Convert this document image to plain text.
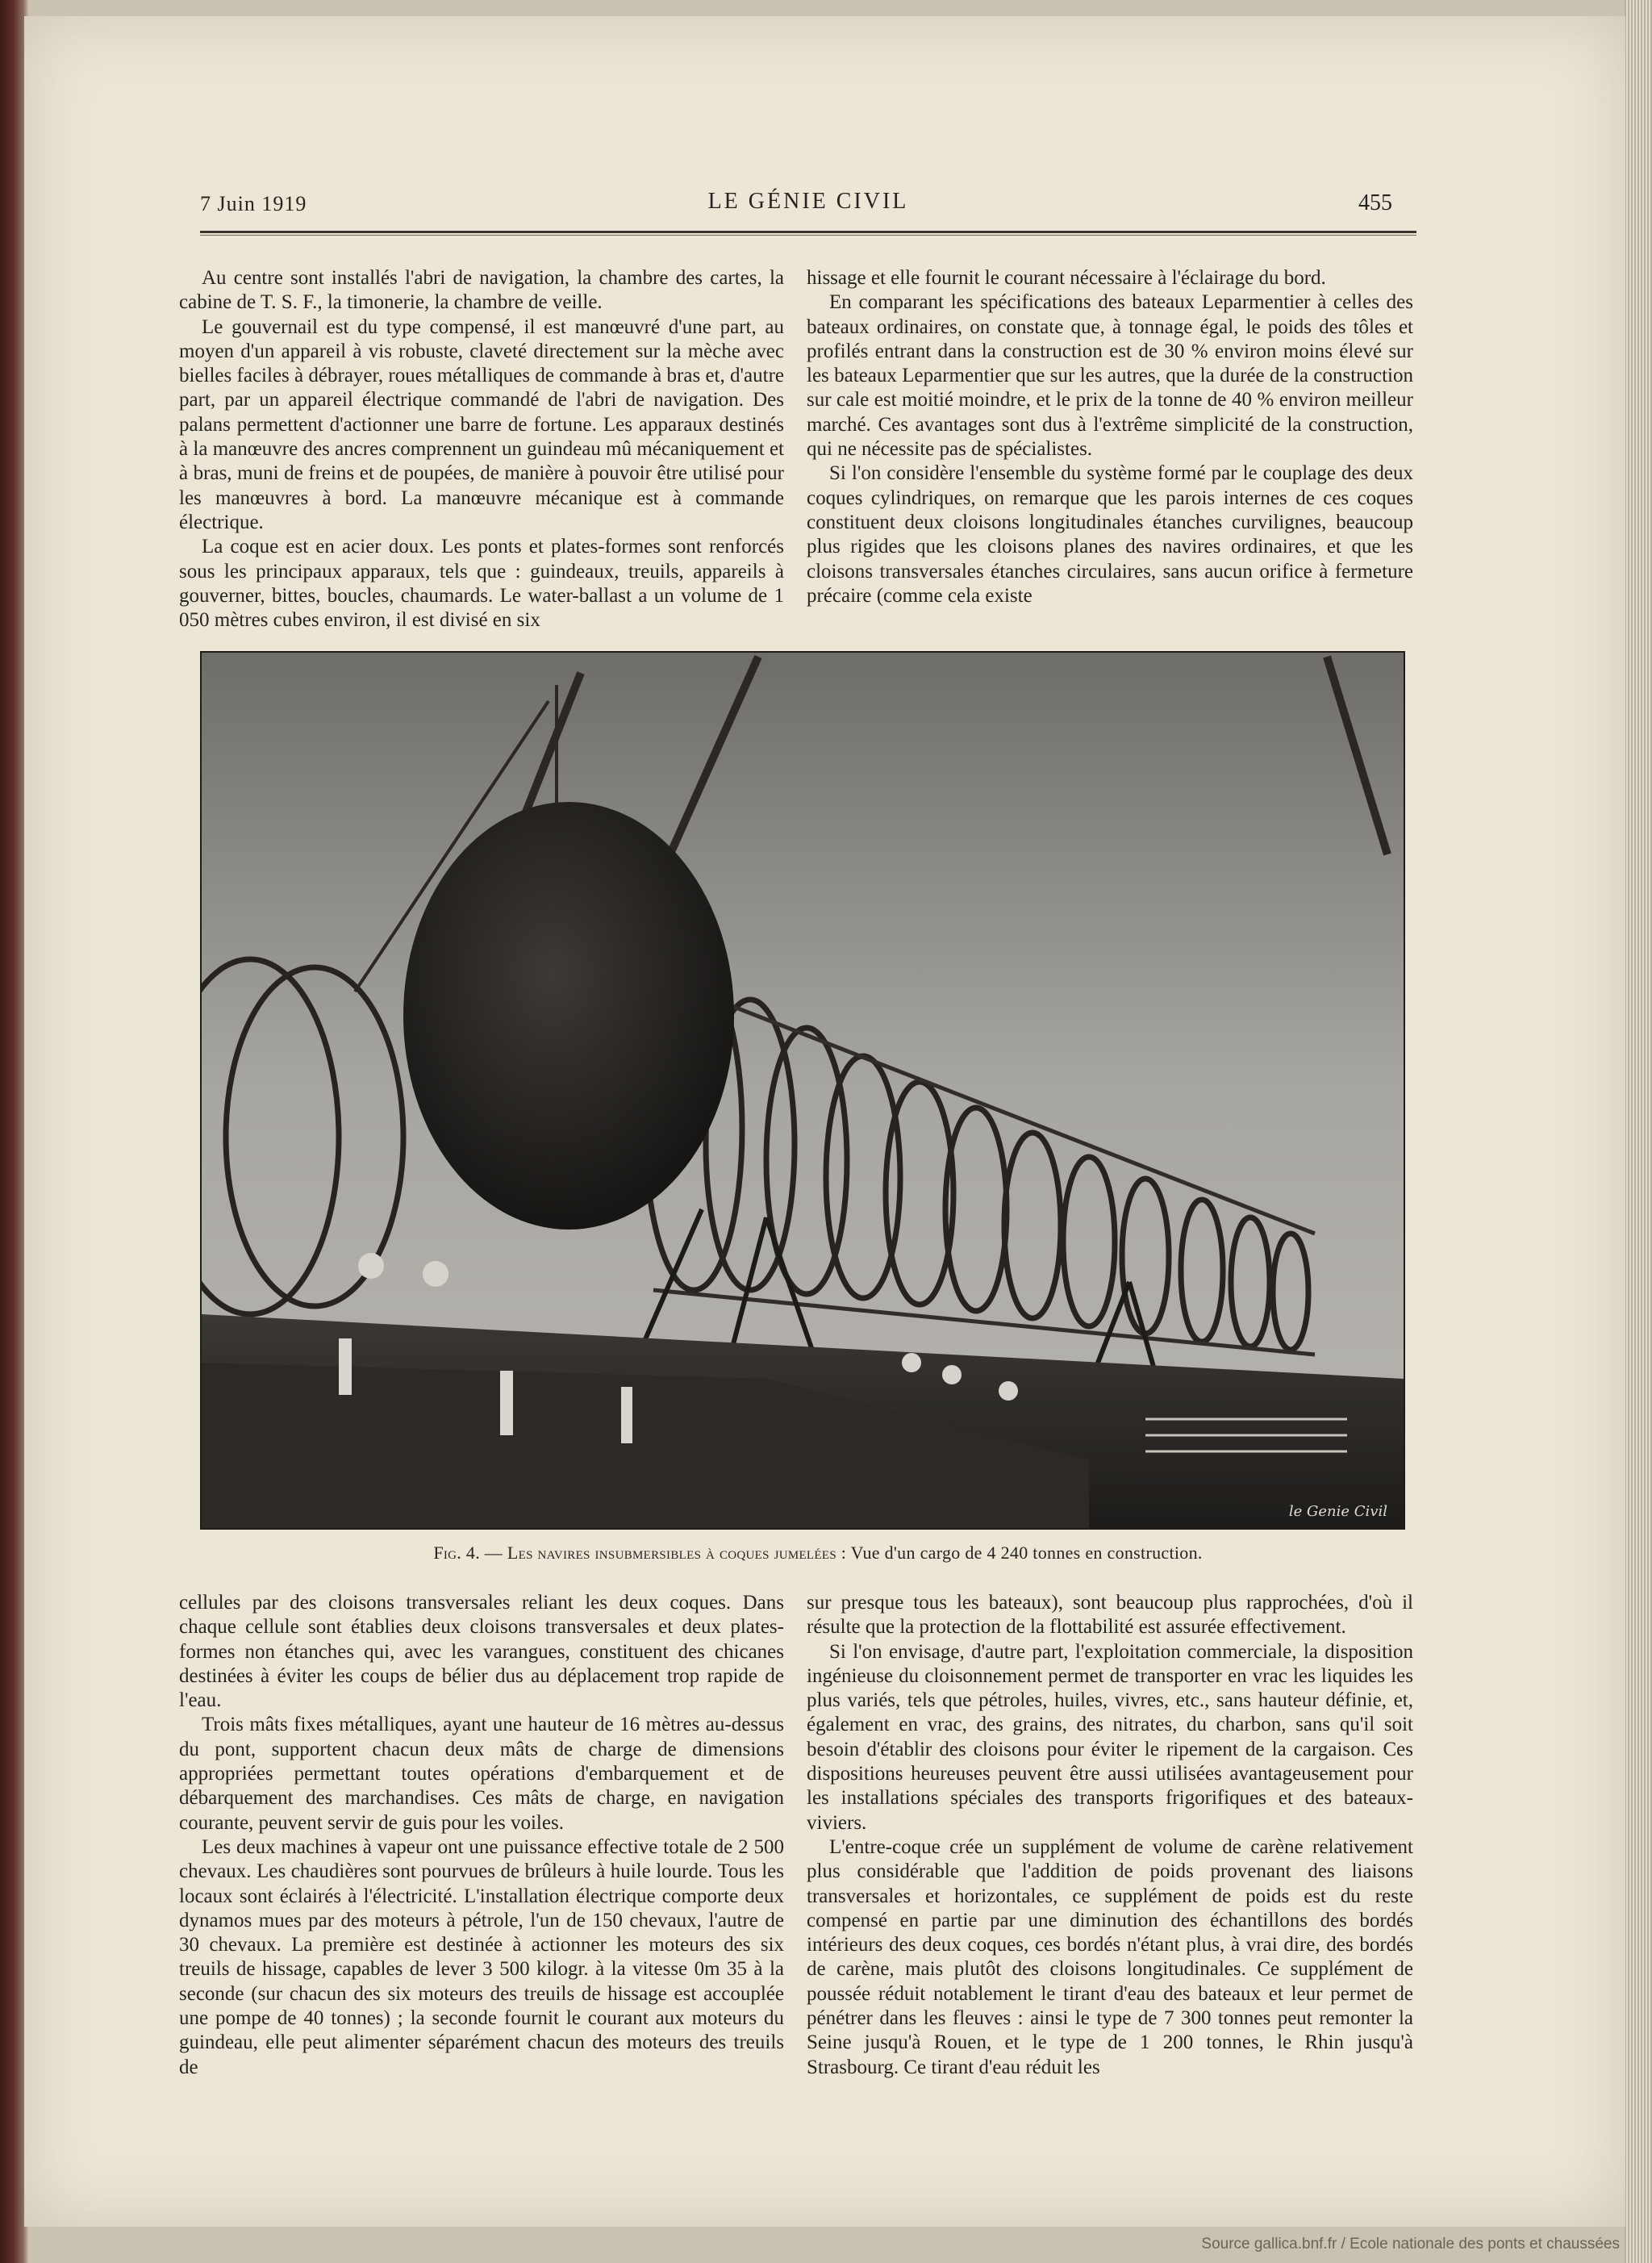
7 Juin 1919	LE GÉNIE CIVIL	455

Au centre sont installés l'abri de navigation, la chambre des cartes, la cabine de T. S. F., la timonerie, la chambre de veille.

Le gouvernail est du type compensé, il est manœuvré d'une part, au moyen d'un appareil à vis robuste, claveté directement sur la mèche avec bielles faciles à débrayer, roues métalliques de commande à bras et, d'autre part, par un appareil électrique commandé de l'abri de navigation. Des palans permettent d'actionner une barre de fortune. Les apparaux destinés à la manœuvre des ancres comprennent un guindeau mû mécaniquement et à bras, muni de freins et de poupées, de manière à pouvoir être utilisé pour les manœuvres à bord. La manœuvre mécanique est à commande électrique.

La coque est en acier doux. Les ponts et plates-formes sont renforcés sous les principaux apparaux, tels que : guindeaux, treuils, appareils à gouverner, bittes, boucles, chaumards. Le water-ballast a un volume de 1 050 mètres cubes environ, il est divisé en six

hissage et elle fournit le courant nécessaire à l'éclairage du bord.

En comparant les spécifications des bateaux Leparmentier à celles des bateaux ordinaires, on constate que, à tonnage égal, le poids des tôles et profilés entrant dans la construction est de 30 % environ moins élevé sur les bateaux Leparmentier que sur les autres, que la durée de la construction sur cale est moitié moindre, et le prix de la tonne de 40 % environ meilleur marché. Ces avantages sont dus à l'extrême simplicité de la construction, qui ne nécessite pas de spécialistes.

Si l'on considère l'ensemble du système formé par le couplage des deux coques cylindriques, on remarque que les parois internes de ces coques constituent deux cloisons longitudinales étanches curvilignes, beaucoup plus rigides que les cloisons planes des navires ordinaires, et que les cloisons transversales étanches circulaires, sans aucun orifice à fermeture précaire (comme cela existe

le Genie Civil
Fig. 4. — Les navires insubmersibles à coques jumelées : Vue d'un cargo de 4 240 tonnes en construction.

cellules par des cloisons transversales reliant les deux coques. Dans chaque cellule sont établies deux cloisons transversales et deux plates-formes non étanches qui, avec les varangues, constituent des chicanes destinées à éviter les coups de bélier dus au déplacement trop rapide de l'eau.

Trois mâts fixes métalliques, ayant une hauteur de 16 mètres au-dessus du pont, supportent chacun deux mâts de charge de dimensions appropriées permettant toutes opérations d'embarquement et de débarquement des marchandises. Ces mâts de charge, en navigation courante, peuvent servir de guis pour les voiles.

Les deux machines à vapeur ont une puissance effective totale de 2 500 chevaux. Les chaudières sont pourvues de brûleurs à huile lourde. Tous les locaux sont éclairés à l'électricité. L'installation électrique comporte deux dynamos mues par des moteurs à pétrole, l'un de 150 chevaux, l'autre de 30 chevaux. La première est destinée à actionner les moteurs des six treuils de hissage, capables de lever 3 500 kilogr. à la vitesse 0m 35 à la seconde (sur chacun des six moteurs des treuils de hissage est accouplée une pompe de 40 tonnes) ; la seconde fournit le courant aux moteurs du guindeau, elle peut alimenter séparément chacun des moteurs des treuils de

sur presque tous les bateaux), sont beaucoup plus rapprochées, d'où il résulte que la protection de la flottabilité est assurée effectivement.

Si l'on envisage, d'autre part, l'exploitation commerciale, la disposition ingénieuse du cloisonnement permet de transporter en vrac les liquides les plus variés, tels que pétroles, huiles, vivres, etc., sans hauteur définie, et, également en vrac, des grains, des nitrates, du charbon, sans qu'il soit besoin d'établir des cloisons pour éviter le ripement de la cargaison. Ces dispositions heureuses peuvent être aussi utilisées avantageusement pour les installations spéciales des transports frigorifiques et des bateaux-viviers.

L'entre-coque crée un supplément de volume de carène relativement plus considérable que l'addition de poids provenant des liaisons transversales et horizontales, ce supplément de poids est du reste compensé en partie par une diminution des échantillons des bordés intérieurs des deux coques, ces bordés n'étant plus, à vrai dire, des bordés de carène, mais plutôt des cloisons longitudinales. Ce supplément de poussée réduit notablement le tirant d'eau des bateaux et leur permet de pénétrer dans les fleuves : ainsi le type de 7 300 tonnes peut remonter la Seine jusqu'à Rouen, et le type de 1 200 tonnes, le Rhin jusqu'à Strasbourg. Ce tirant d'eau réduit les

Source gallica.bnf.fr / Ecole nationale des ponts et chaussées
